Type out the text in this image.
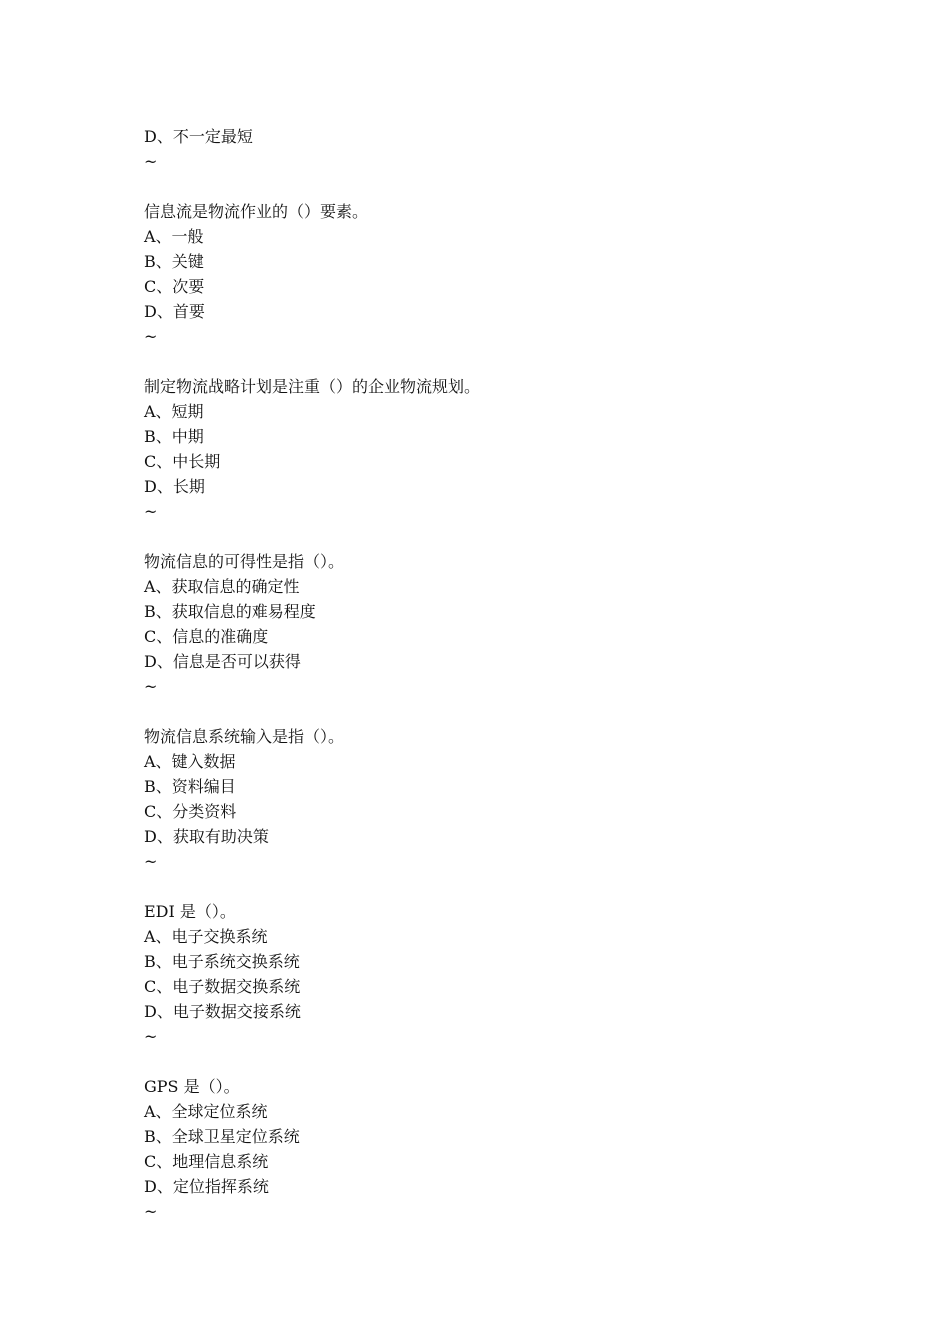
D、不一定最短
~
信息流是物流作业的（）要素。
A、一般
B、关键
C、次要
D、首要
~
制定物流战略计划是注重（）的企业物流规划。
A、短期
B、中期
C、中长期
D、长期
~
物流信息的可得性是指（）。
A、获取信息的确定性
B、获取信息的难易程度
C、信息的准确度
D、信息是否可以获得
~
物流信息系统输入是指（）。
A、键入数据
B、资料编目
C、分类资料
D、获取有助决策
~
EDI 是（）。
A、电子交换系统
B、电子系统交换系统
C、电子数据交换系统
D、电子数据交接系统
~
GPS 是（）。
A、全球定位系统
B、全球卫星定位系统
C、地理信息系统
D、定位指挥系统
~
